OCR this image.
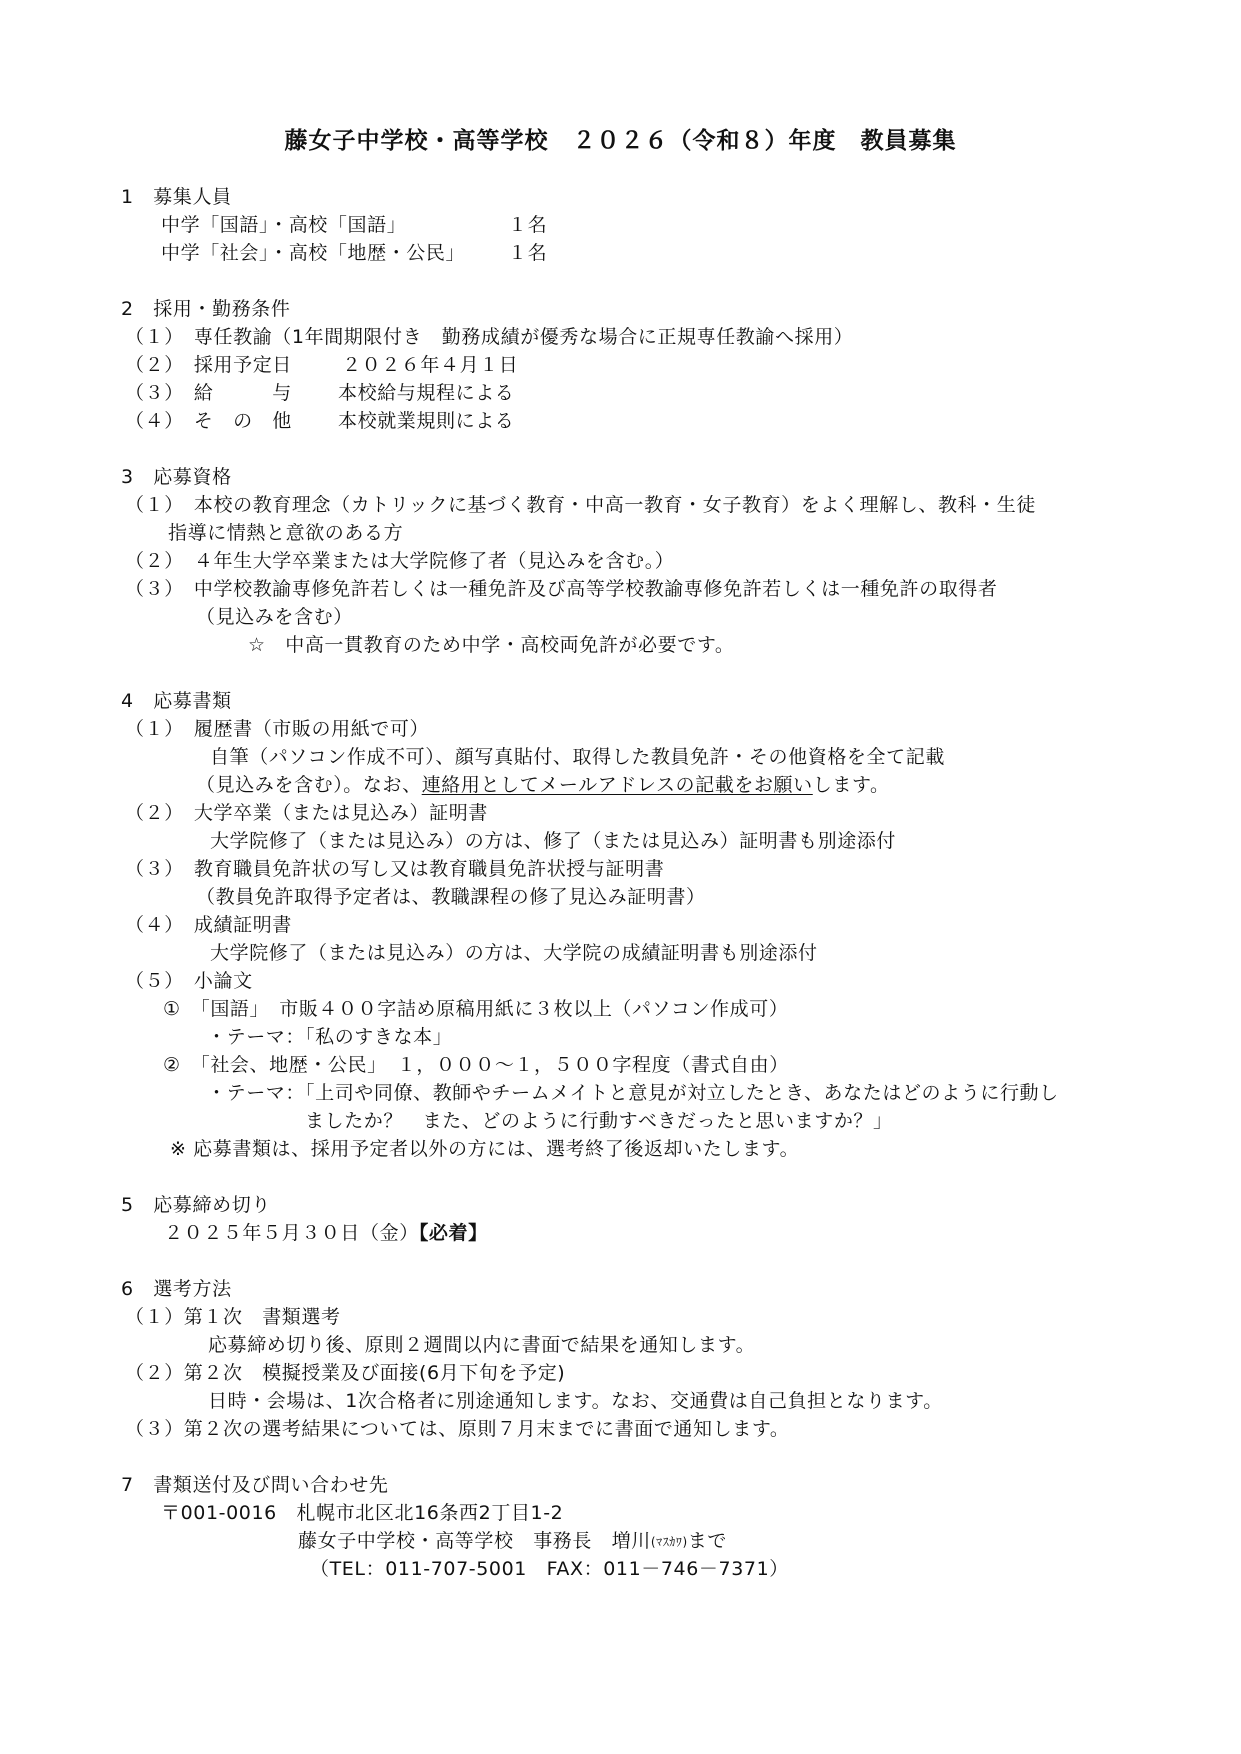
藤女子中学校・高等学校　２０２６（令和８）年度　教員募集
1　募集人員
中学「国語」・高校「国語」	１名
中学「社会」・高校「地歴・公民」 １名
2　採用・勤務条件
（１）　専任教諭（1年間期限付き　勤務成績が優秀な場合に正規専任教諭へ採用）
（２）　採用予定日	２０２６年４月１日
（３）　給　　　与 本校給与規程による
（４）　そ　の　他 本校就業規則による
3　応募資格
（１）　本校の教育理念（カトリックに基づく教育・中高一教育・女子教育）をよく理解し、教科・生徒
指導に情熱と意欲のある方
（２）　４年生大学卒業または大学院修了者（見込みを含む。）
（３）　中学校教諭専修免許若しくは一種免許及び高等学校教諭専修免許若しくは一種免許の取得者
（見込みを含む）
☆　中高一貫教育のため中学・高校両免許が必要です。
4　応募書類
（１）　履歴書（市販の用紙で可）
自筆（パソコン作成不可）、顔写真貼付、取得した教員免許・その他資格を全て記載
（見込みを含む）。なお、連絡用としてメールアドレスの記載をお願いします。
（２）　大学卒業（または見込み）証明書
大学院修了（または見込み）の方は、修了（または見込み）証明書も別途添付
（３）　教育職員免許状の写し又は教育職員免許状授与証明書
（教員免許取得予定者は、教職課程の修了見込み証明書）
（４）　成績証明書
大学院修了（または見込み）の方は、大学院の成績証明書も別途添付
（５）　小論文
①　「国語」　市販４００字詰め原稿用紙に３枚以上（パソコン作成可）
・テーマ：「私のすきな本」
②　「社会、地歴・公民」　１，０００～１，５００字程度（書式自由）
・テーマ：「上司や同僚、教師やチームメイトと意見が対立したとき、あなたはどのように行動し
ましたか？　また、どのように行動すべきだったと思いますか？」
※ 応募書類は、採用予定者以外の方には、選考終了後返却いたします。
5　応募締め切り
２０２５年５月３０日（金）【必着】
6　選考方法
（１）第１次　書類選考
応募締め切り後、原則２週間以内に書面で結果を通知します。
（２）第２次　模擬授業及び面接(6月下旬を予定)
日時・会場は、1次合格者に別途通知します。なお、交通費は自己負担となります。
（３）第２次の選考結果については、原則７月末までに書面で通知します。
7　書類送付及び問い合わせ先
〒001-0016　札幌市北区北16条西2丁目1-2
藤女子中学校・高等学校　事務長　増川(ﾏｽｶﾜ)まで
（TEL：011-707-5001　FAX：011－746－7371）
